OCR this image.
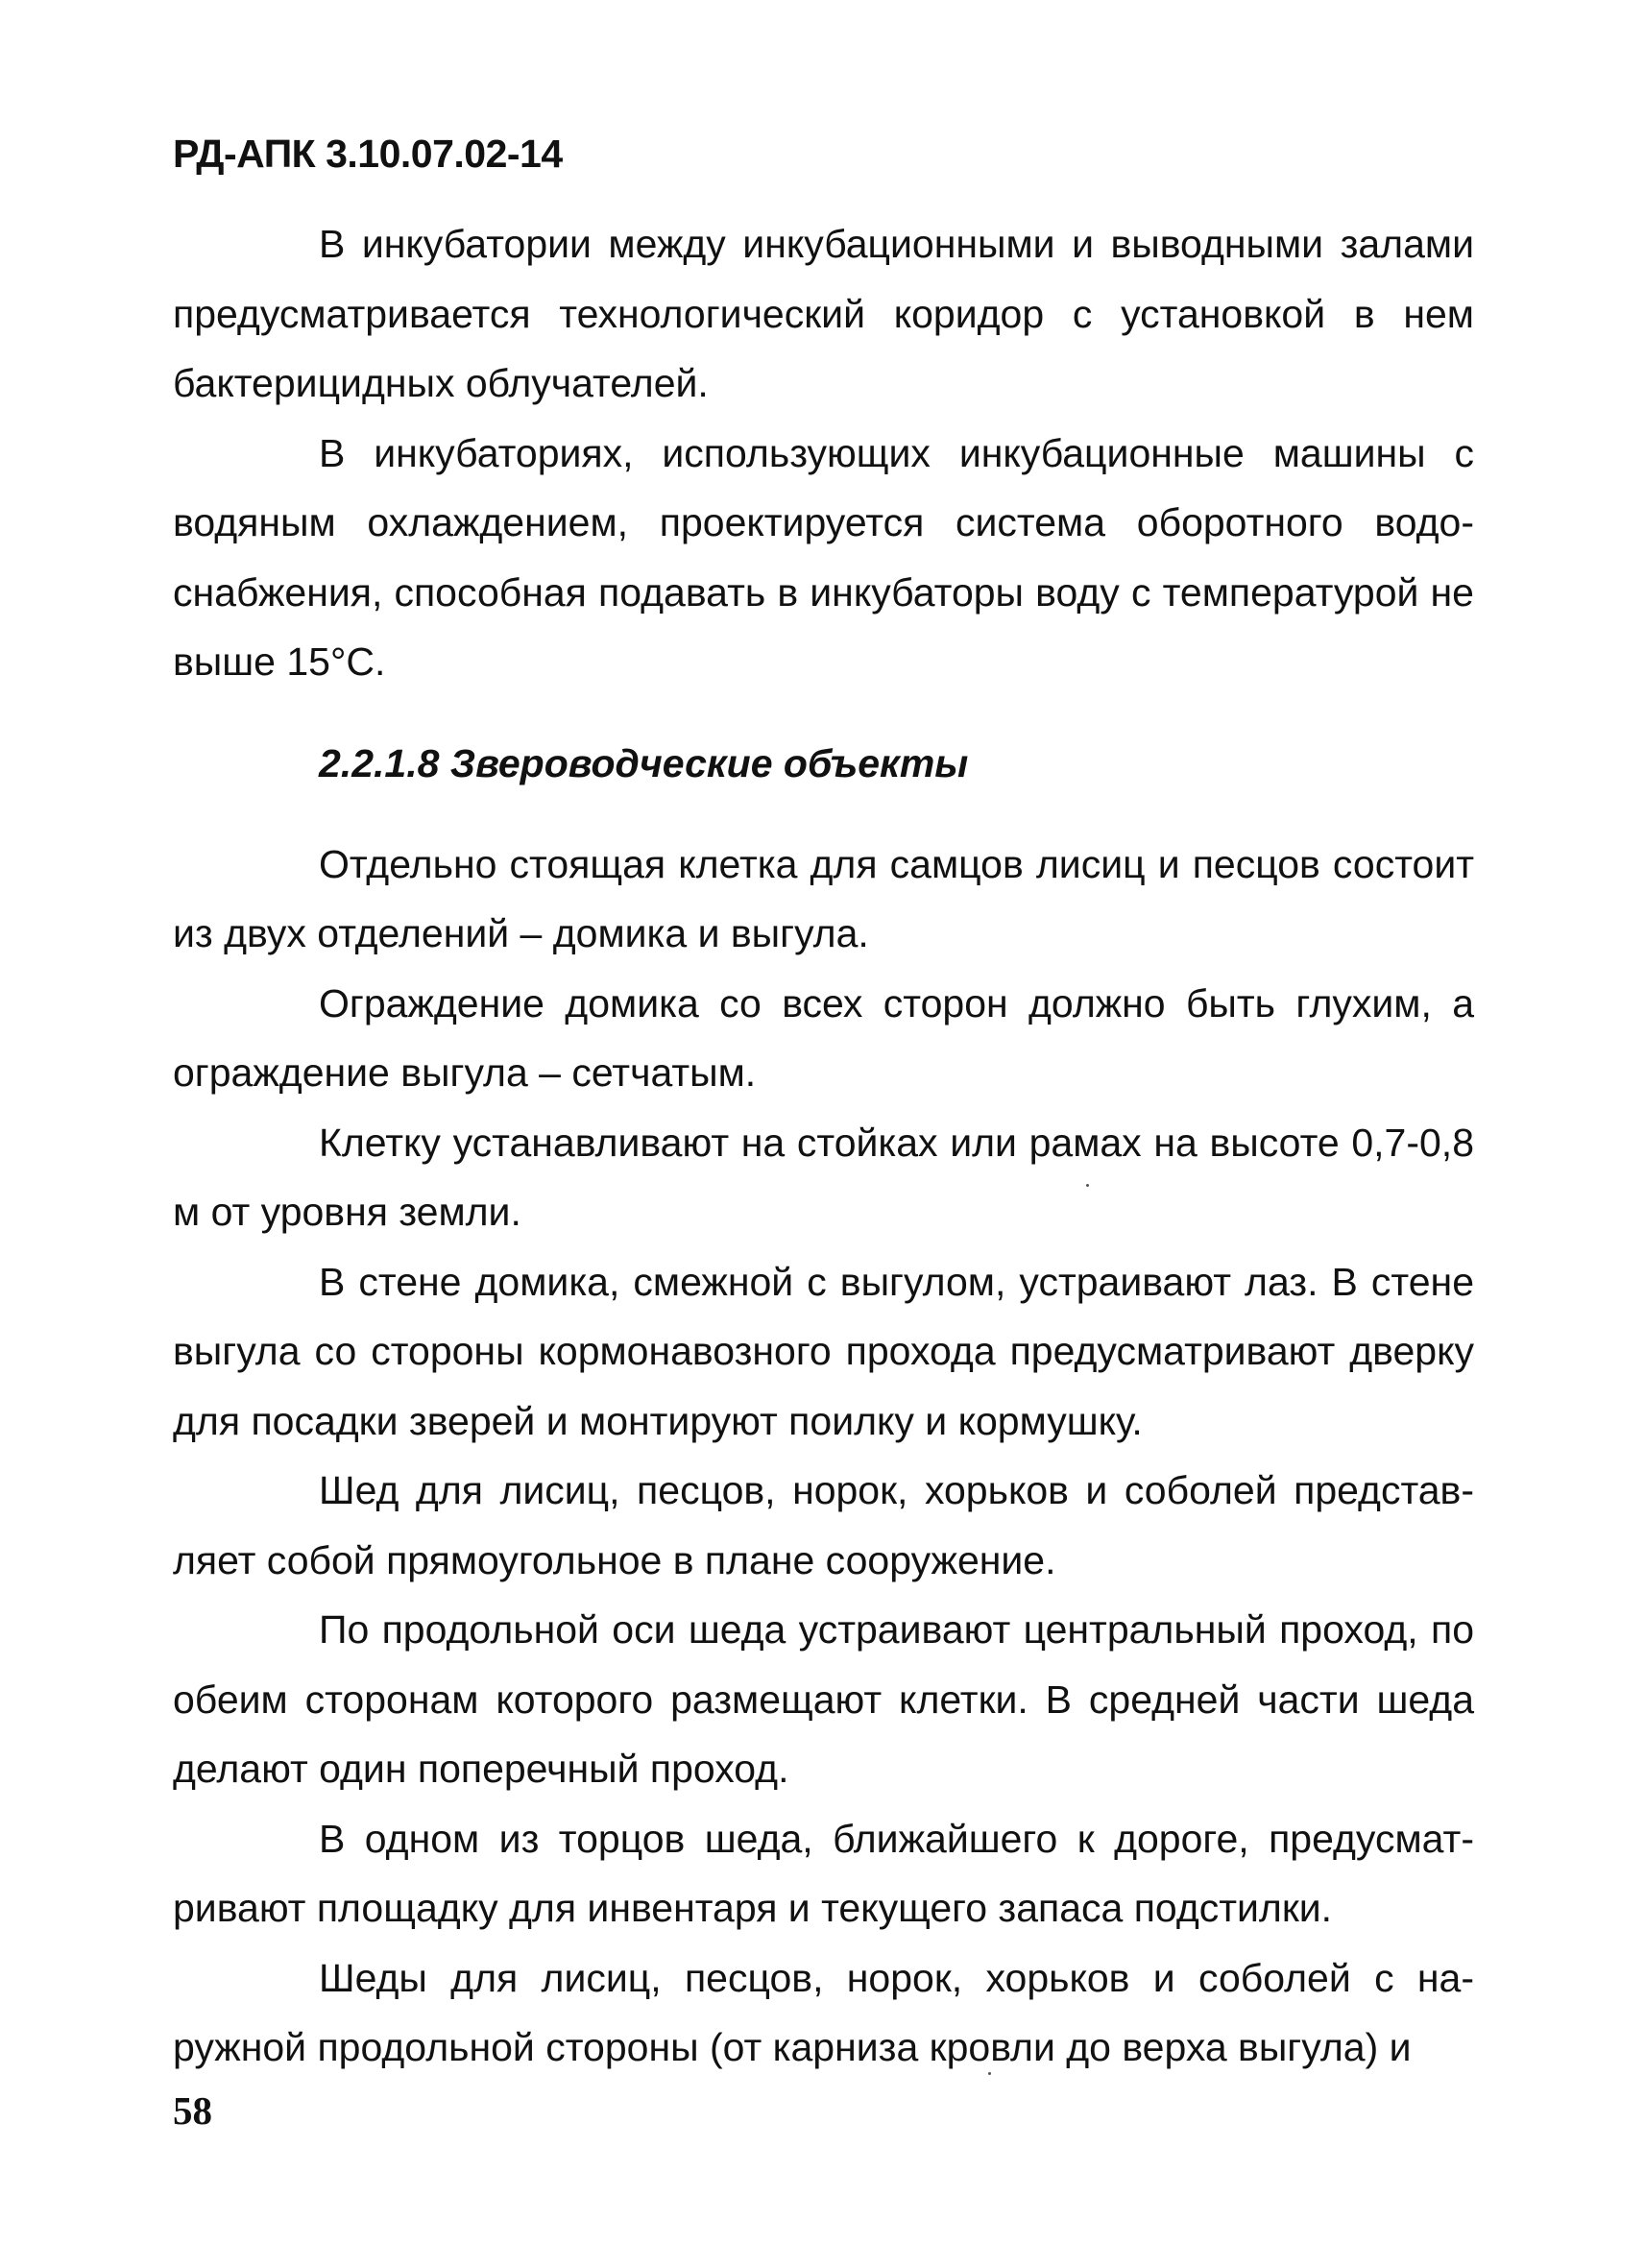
РД-АПК 3.10.07.02-14

В инкубатории между инкубационными и выводными залами предусматривается технологический коридор с установкой в нем бактерицидных облучателей.

В инкубаториях, использующих инкубационные машины с водяным охлаждением, проектируется система оборотного водоснабжения, способная подавать в инкубаторы воду с температурой не выше 15°С.

2.2.1.8 Звероводческие объекты

Отдельно стоящая клетка для самцов лисиц и песцов состоит из двух отделений – домика и выгула.

Ограждение домика со всех сторон должно быть глухим, а ограждение выгула – сетчатым.

Клетку устанавливают на стойках или рамах на высоте 0,7-0,8 м от уровня земли.

В стене домика, смежной с выгулом, устраивают лаз. В стене выгула со стороны кормонавозного прохода предусматривают дверку для посадки зверей и монтируют поилку и кормушку.

Шед для лисиц, песцов, норок, хорьков и соболей представляет собой прямоугольное в плане сооружение.

По продольной оси шеда устраивают центральный проход, по обеим сторонам которого размещают клетки. В средней части шеда делают один поперечный проход.

В одном из торцов шеда, ближайшего к дороге, предусматривают площадку для инвентаря и текущего запаса подстилки.

Шеды для лисиц, песцов, норок, хорьков и соболей с наружной продольной стороны (от карниза кровли до верха выгула) и

58
